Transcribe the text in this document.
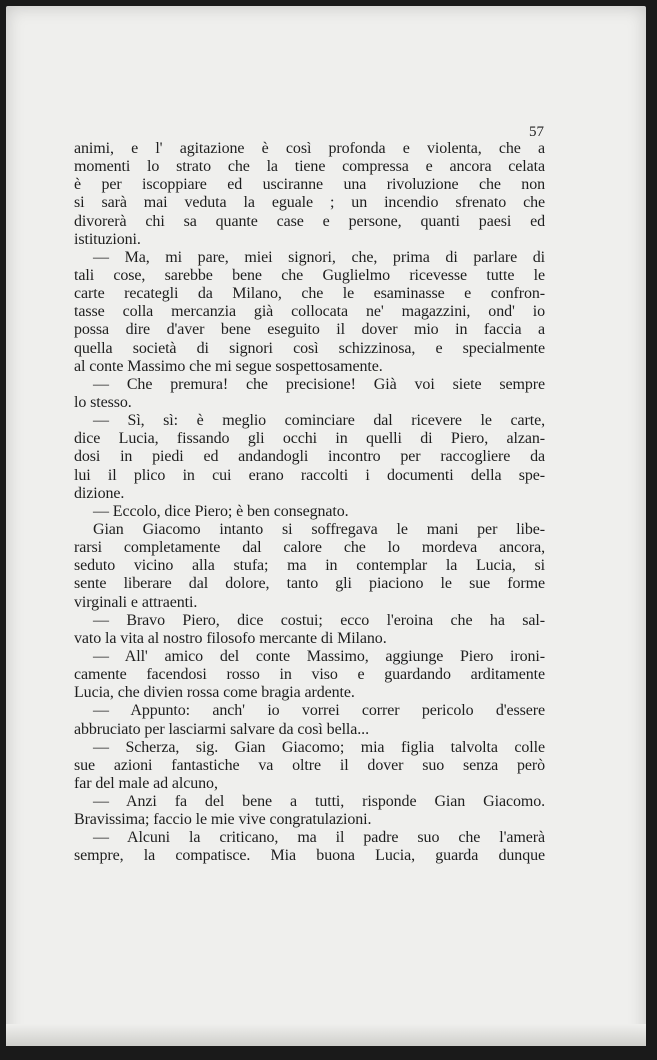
57
animi, e l' agitazione è così profonda e violenta, che a
momenti lo strato che la tiene compressa e ancora celata
è per iscoppiare ed usciranne una rivoluzione che non
si sarà mai veduta la eguale ; un incendio sfrenato che
divorerà chi sa quante case e persone, quanti paesi ed
istituzioni.
— Ma, mi pare, miei signori, che, prima di parlare di
tali cose, sarebbe bene che Guglielmo ricevesse tutte le
carte recategli da Milano, che le esaminasse e confron-
tasse colla mercanzia già collocata ne' magazzini, ond' io
possa dire d'aver bene eseguito il dover mio in faccia a
quella società di signori così schizzinosa, e specialmente
al conte Massimo che mi segue sospettosamente.
— Che premura! che precisione! Già voi siete sempre
lo stesso.
— Sì, sì: è meglio cominciare dal ricevere le carte,
dice Lucia, fissando gli occhi in quelli di Piero, alzan-
dosi in piedi ed andandogli incontro per raccogliere da
lui il plico in cui erano raccolti i documenti della spe-
dizione.
— Eccolo, dice Piero; è ben consegnato.
Gian Giacomo intanto si soffregava le mani per libe-
rarsi completamente dal calore che lo mordeva ancora,
seduto vicino alla stufa; ma in contemplar la Lucia, si
sente liberare dal dolore, tanto gli piaciono le sue forme
virginali e attraenti.
— Bravo Piero, dice costui; ecco l'eroina che ha sal-
vato la vita al nostro filosofo mercante di Milano.
— All' amico del conte Massimo, aggiunge Piero ironi-
camente facendosi rosso in viso e guardando arditamente
Lucia, che divien rossa come bragia ardente.
— Appunto: anch' io vorrei correr pericolo d'essere
abbruciato per lasciarmi salvare da così bella...
— Scherza, sig. Gian Giacomo; mia figlia talvolta colle
sue azioni fantastiche va oltre il dover suo senza però
far del male ad alcuno,
— Anzi fa del bene a tutti, risponde Gian Giacomo.
Bravissima; faccio le mie vive congratulazioni.
— Alcuni la criticano, ma il padre suo che l'amerà
sempre, la compatisce. Mia buona Lucia, guarda dunque
